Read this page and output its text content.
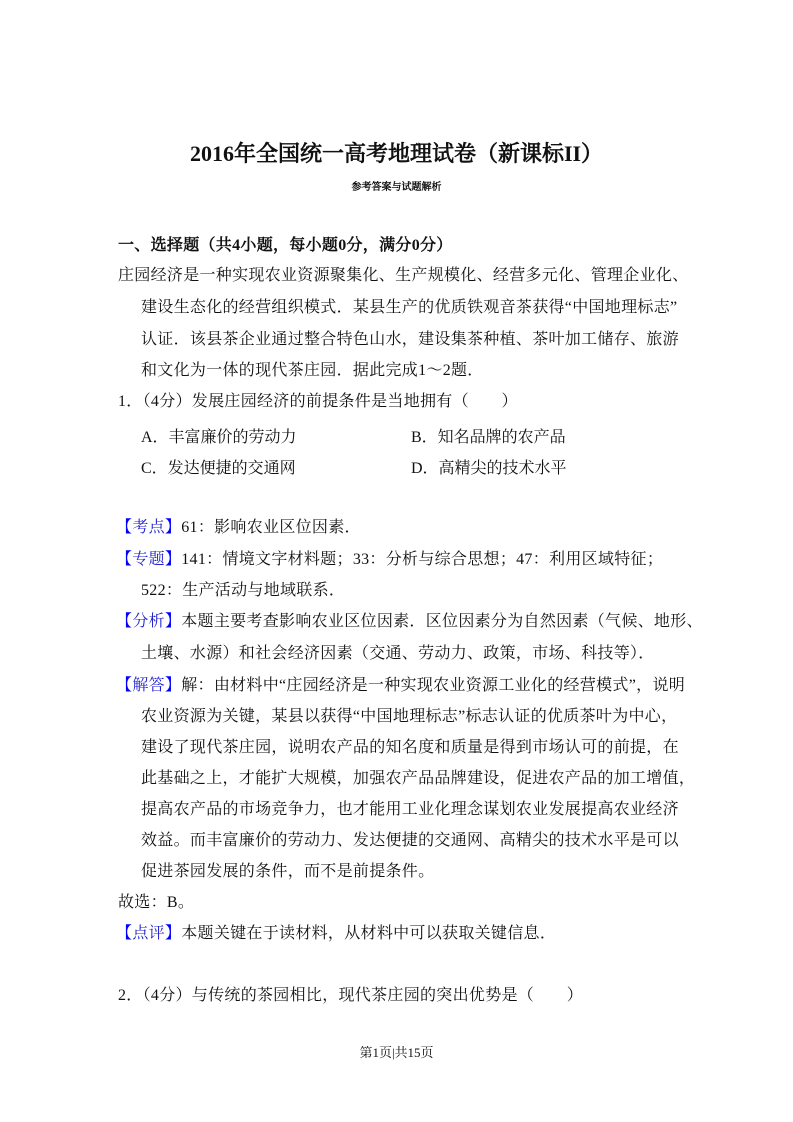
2016年全国统一高考地理试卷（新课标II）
参考答案与试题解析
一、选择题（共4小题，每小题0分，满分0分）
庄园经济是一种实现农业资源聚集化、生产规模化、经营多元化、管理企业化、
建设生态化的经营组织模式．某县生产的优质铁观音茶获得“中国地理标志”
认证．该县茶企业通过整合特色山水，建设集茶种植、茶叶加工储存、旅游
和文化为一体的现代茶庄园．据此完成1～2题．
1．（4分）发展庄园经济的前提条件是当地拥有（　　）
A．丰富廉价的劳动力	B．知名品牌的农产品
C．发达便捷的交通网	D．高精尖的技术水平
【考点】61：影响农业区位因素．
【专题】141：情境文字材料题；33：分析与综合思想；47：利用区域特征；
522：生产活动与地域联系．
【分析】本题主要考查影响农业区位因素．区位因素分为自然因素（气候、地形、
土壤、水源）和社会经济因素（交通、劳动力、政策，市场、科技等）．
【解答】解：由材料中“庄园经济是一种实现农业资源工业化的经营模式”，说明
农业资源为关键，某县以获得“中国地理标志”标志认证的优质茶叶为中心，
建设了现代茶庄园，说明农产品的知名度和质量是得到市场认可的前提，在
此基础之上，才能扩大规模，加强农产品品牌建设，促进农产品的加工增值，
提高农产品的市场竞争力，也才能用工业化理念谋划农业发展提高农业经济
效益。而丰富廉价的劳动力、发达便捷的交通网、高精尖的技术水平是可以
促进茶园发展的条件，而不是前提条件。
故选：B。
【点评】本题关键在于读材料，从材料中可以获取关键信息．
2．（4分）与传统的茶园相比，现代茶庄园的突出优势是（　　）
第1页|共15页
